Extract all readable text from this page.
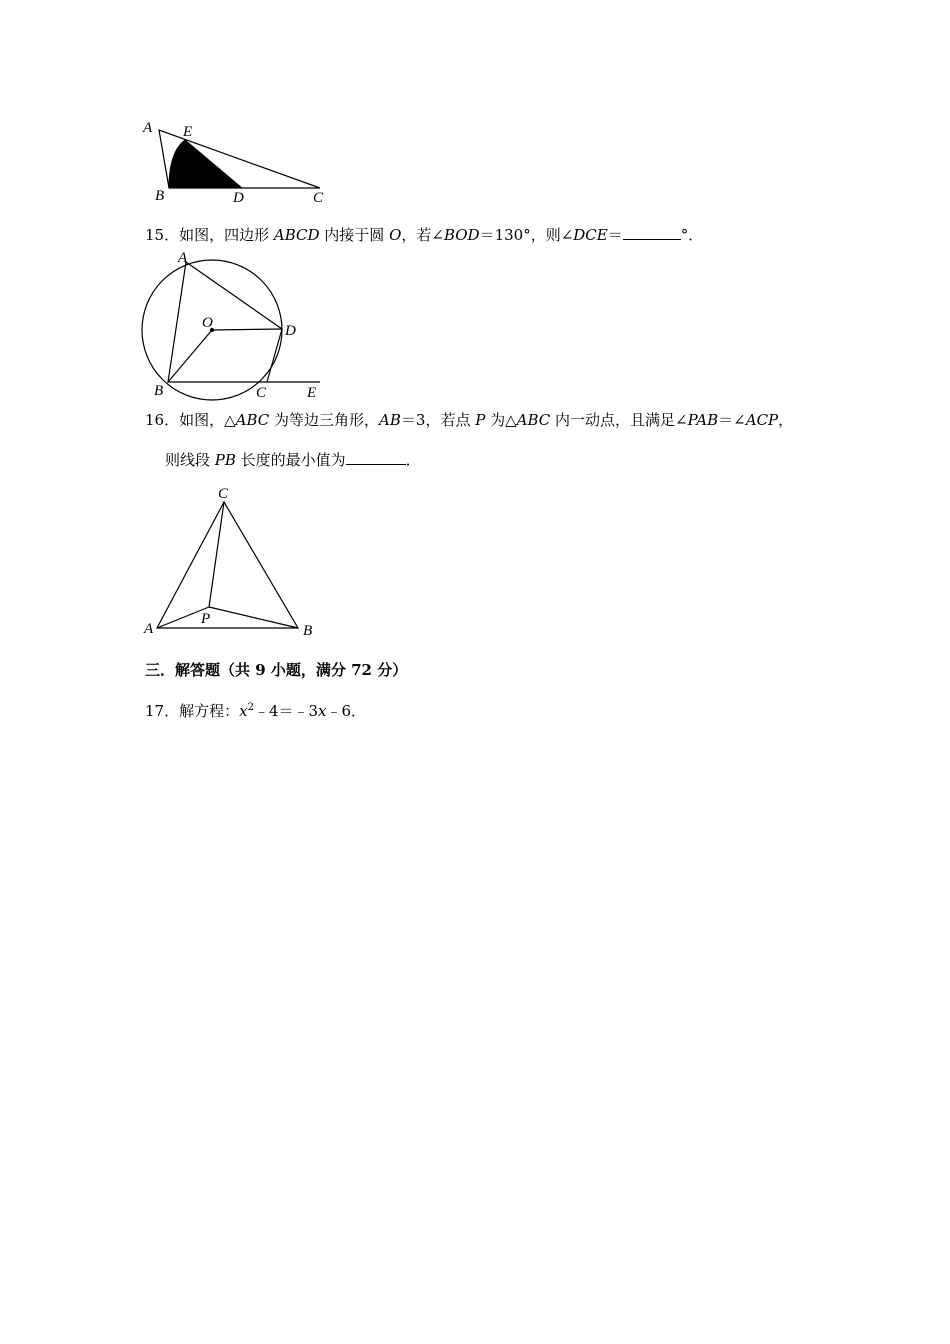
A E
B	D	C
15．如图，四边形 ABCD 内接于圆 O，若∠BOD＝130°，则∠DCE＝	°．
A
O	D
B	C	E
16．如图，△ABC 为等边三角形，AB＝3，若点 P 为△ABC 内一动点，且满足∠PAB＝∠ACP，
则线段 PB 长度的最小值为	．
C
A
P
B
三．解答题（共 9 小题，满分 72 分）
17．解方程：$x^2﹣4=﹣3x﹣6$．
